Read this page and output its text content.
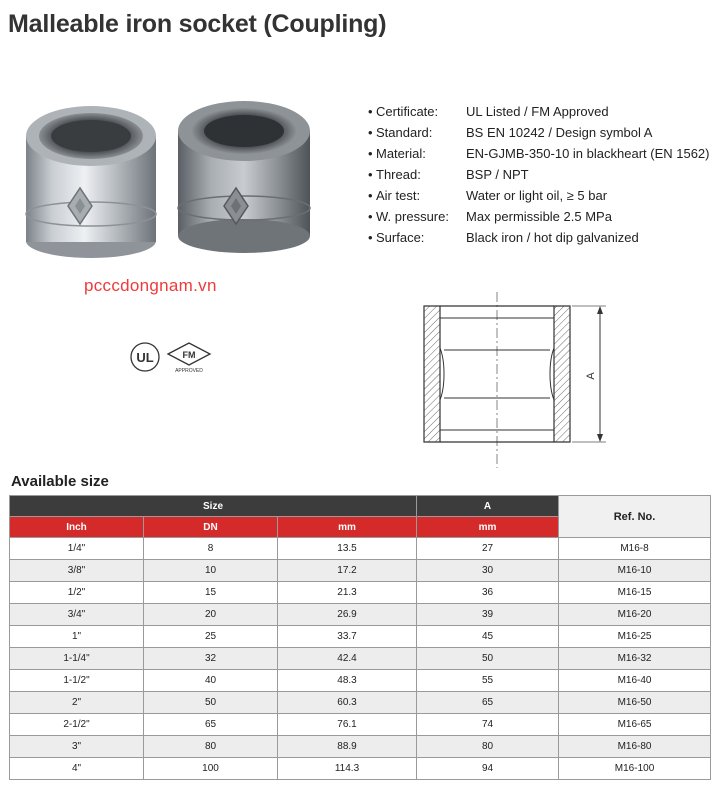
Malleable iron socket (Coupling)
pcccdongnam.vn
UL	FM
APPROVED
• Certificate: UL Listed / FM Approved
• Standard:	BS EN 10242 / Design symbol A
• Material:	EN-GJMB-350-10 in blackheart (EN 1562)
• Thread:	BSP / NPT
• Air test:	Water or light oil, ≥ 5 bar
• W. pressure: Max permissible 2.5 MPa
• Surface:	Black iron / hot dip galvanized
A
Available size
Size			A	Ref. No.
Inch	DN	mm	mm	
1/4"	8	13.5	27	M16-8
3/8"	10	17.2	30	M16-10
1/2"	15	21.3	36	M16-15
3/4"	20	26.9	39	M16-20
1"	25	33.7	45	M16-25
1-1/4"	32	42.4	50	M16-32
1-1/2"	40	48.3	55	M16-40
2"	50	60.3	65	M16-50
2-1/2"	65	76.1	74	M16-65
3"	80	88.9	80	M16-80
4"	100	114.3	94	M16-100
